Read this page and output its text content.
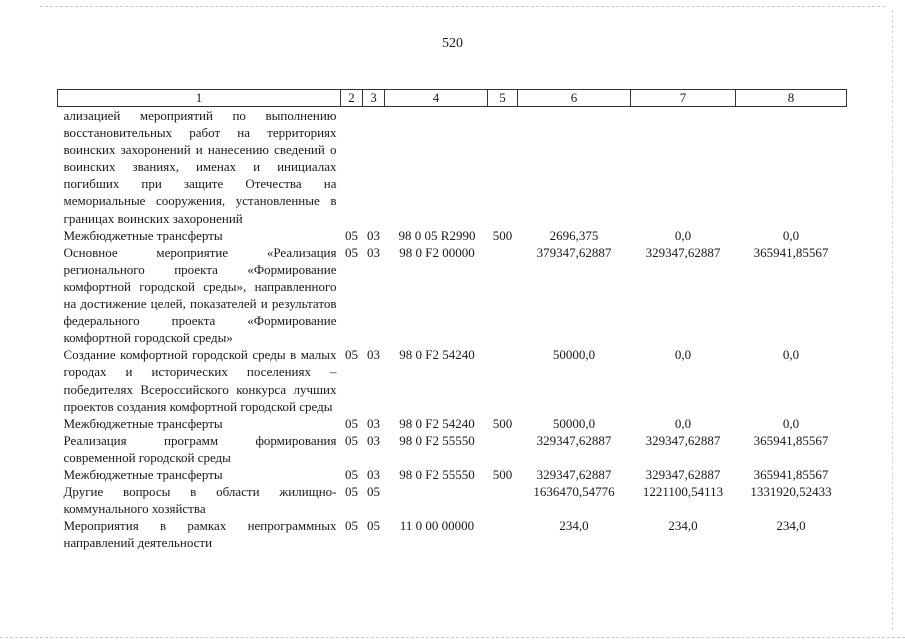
520
1	2	3	4	5	6	7	8
ализацией мероприятий по выполнению восстановительных работ на территориях воинских захоронений и нанесению сведений о воинских званиях, именах и инициалах погибших при защите Отечества на мемориальные сооружения, установленные в границах воинских захоронений							
Межбюджетные трансферты	05	03	98 0 05 R2990	500	2696,375	0,0	0,0
Основное мероприятие «Реализация регионального проекта «Формирование комфортной городской среды», направленного на достижение целей, показателей и результатов федерального проекта «Формирование комфортной городской среды»	05	03	98 0 F2 00000		379347,62887	329347,62887	365941,85567
Создание комфортной городской среды в малых городах и исторических поселениях – победителях Всероссийского конкурса лучших проектов создания комфортной городской среды	05	03	98 0 F2 54240		50000,0	0,0	0,0
Межбюджетные трансферты	05	03	98 0 F2 54240	500	50000,0	0,0	0,0
Реализация программ формирования современной городской среды	05	03	98 0 F2 55550		329347,62887	329347,62887	365941,85567
Межбюджетные трансферты	05	03	98 0 F2 55550	500	329347,62887	329347,62887	365941,85567
Другие вопросы в области жилищно-коммунального хозяйства	05	05			1636470,54776	1221100,54113	1331920,52433
Мероприятия в рамках непрограммных направлений деятельности	05	05	11 0 00 00000		234,0	234,0	234,0
